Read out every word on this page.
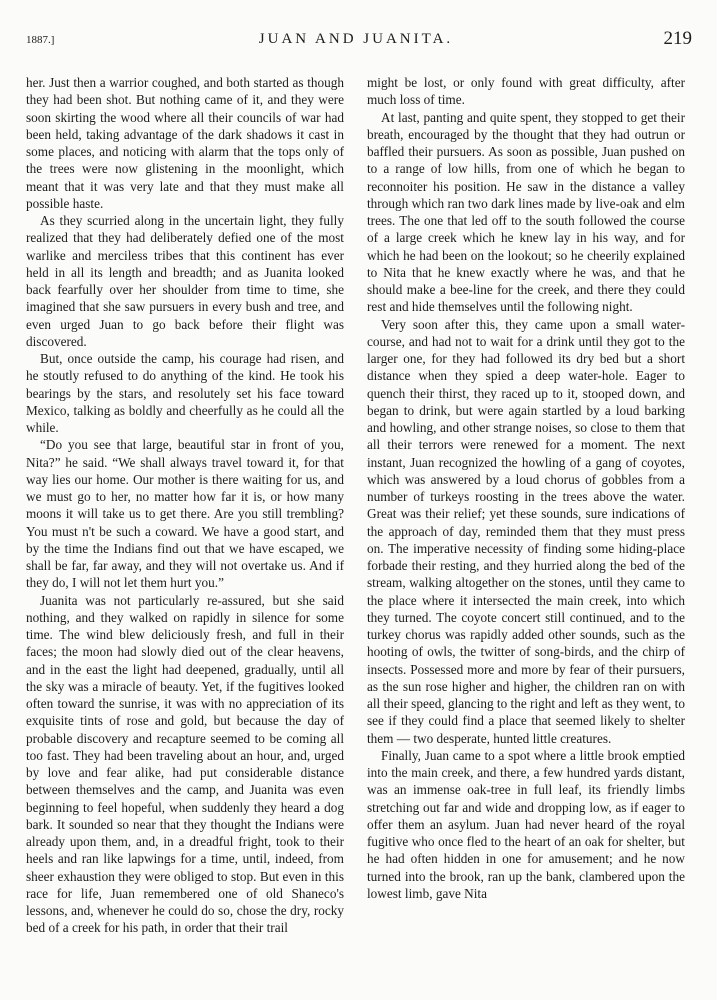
1887.]	JUAN AND JUANITA.	219

her. Just then a warrior coughed, and both started as though they had been shot. But nothing came of it, and they were soon skirting the wood where all their councils of war had been held, taking advantage of the dark shadows it cast in some places, and noticing with alarm that the tops only of the trees were now glistening in the moonlight, which meant that it was very late and that they must make all possible haste.

As they scurried along in the uncertain light, they fully realized that they had deliberately defied one of the most warlike and merciless tribes that this continent has ever held in all its length and breadth; and as Juanita looked back fearfully over her shoulder from time to time, she imagined that she saw pursuers in every bush and tree, and even urged Juan to go back before their flight was discovered.

But, once outside the camp, his courage had risen, and he stoutly refused to do anything of the kind. He took his bearings by the stars, and resolutely set his face toward Mexico, talking as boldly and cheerfully as he could all the while.

“Do you see that large, beautiful star in front of you, Nita?” he said. “We shall always travel toward it, for that way lies our home. Our mother is there waiting for us, and we must go to her, no matter how far it is, or how many moons it will take us to get there. Are you still trembling? You must n't be such a coward. We have a good start, and by the time the Indians find out that we have escaped, we shall be far, far away, and they will not overtake us. And if they do, I will not let them hurt you.”

Juanita was not particularly re-assured, but she said nothing, and they walked on rapidly in silence for some time. The wind blew deliciously fresh, and full in their faces; the moon had slowly died out of the clear heavens, and in the east the light had deepened, gradually, until all the sky was a miracle of beauty. Yet, if the fugitives looked often toward the sunrise, it was with no appreciation of its exquisite tints of rose and gold, but because the day of probable discovery and recapture seemed to be coming all too fast. They had been traveling about an hour, and, urged by love and fear alike, had put considerable distance between themselves and the camp, and Juanita was even beginning to feel hopeful, when suddenly they heard a dog bark. It sounded so near that they thought the Indians were already upon them, and, in a dreadful fright, took to their heels and ran like lapwings for a time, until, indeed, from sheer exhaustion they were obliged to stop. But even in this race for life, Juan remembered one of old Shaneco's lessons, and, whenever he could do so, chose the dry, rocky bed of a creek for his path, in order that their trail

might be lost, or only found with great difficulty, after much loss of time.

At last, panting and quite spent, they stopped to get their breath, encouraged by the thought that they had outrun or baffled their pursuers. As soon as possible, Juan pushed on to a range of low hills, from one of which he began to reconnoiter his position. He saw in the distance a valley through which ran two dark lines made by live-oak and elm trees. The one that led off to the south followed the course of a large creek which he knew lay in his way, and for which he had been on the lookout; so he cheerily explained to Nita that he knew exactly where he was, and that he should make a bee-line for the creek, and there they could rest and hide themselves until the following night.

Very soon after this, they came upon a small water-course, and had not to wait for a drink until they got to the larger one, for they had followed its dry bed but a short distance when they spied a deep water-hole. Eager to quench their thirst, they raced up to it, stooped down, and began to drink, but were again startled by a loud barking and howling, and other strange noises, so close to them that all their terrors were renewed for a moment. The next instant, Juan recognized the howling of a gang of coyotes, which was answered by a loud chorus of gobbles from a number of turkeys roosting in the trees above the water. Great was their relief; yet these sounds, sure indications of the approach of day, reminded them that they must press on. The imperative necessity of finding some hiding-place forbade their resting, and they hurried along the bed of the stream, walking altogether on the stones, until they came to the place where it intersected the main creek, into which they turned. The coyote concert still continued, and to the turkey chorus was rapidly added other sounds, such as the hooting of owls, the twitter of song-birds, and the chirp of insects. Possessed more and more by fear of their pursuers, as the sun rose higher and higher, the children ran on with all their speed, glancing to the right and left as they went, to see if they could find a place that seemed likely to shelter them — two desperate, hunted little creatures.

Finally, Juan came to a spot where a little brook emptied into the main creek, and there, a few hundred yards distant, was an immense oak-tree in full leaf, its friendly limbs stretching out far and wide and dropping low, as if eager to offer them an asylum. Juan had never heard of the royal fugitive who once fled to the heart of an oak for shelter, but he had often hidden in one for amusement; and he now turned into the brook, ran up the bank, clambered upon the lowest limb, gave Nita
